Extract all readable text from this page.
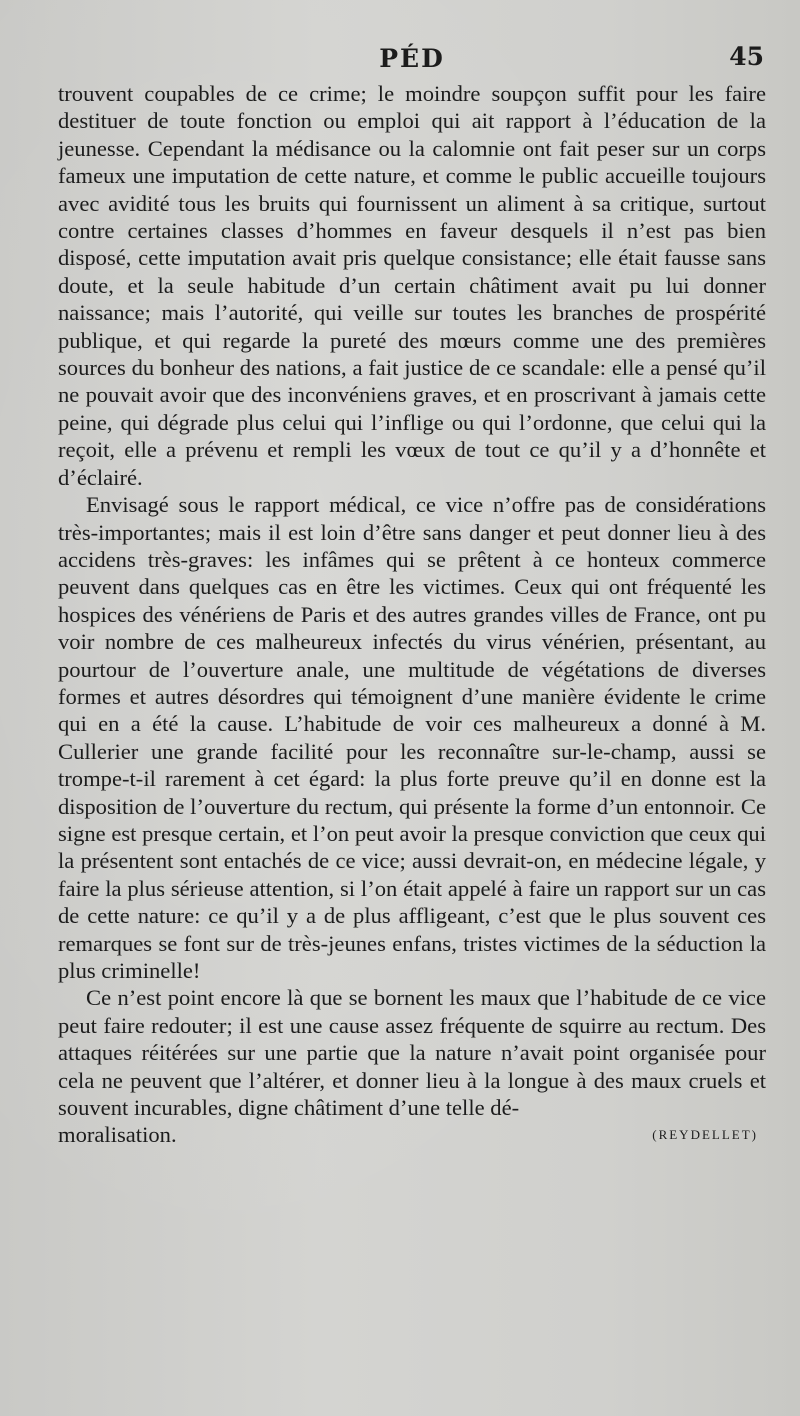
PÉD	45

trouvent coupables de ce crime; le moindre soupçon suffit pour les faire destituer de toute fonction ou emploi qui ait rapport à l’éducation de la jeunesse. Cependant la médisance ou la calomnie ont fait peser sur un corps fameux une imputation de cette nature, et comme le public accueille toujours avec avidité tous les bruits qui fournissent un aliment à sa critique, surtout contre certaines classes d’hommes en faveur desquels il n’est pas bien disposé, cette imputation avait pris quelque consistance; elle était fausse sans doute, et la seule habitude d’un certain châtiment avait pu lui donner naissance; mais l’autorité, qui veille sur toutes les branches de prospérité publique, et qui regarde la pureté des mœurs comme une des premières sources du bonheur des nations, a fait justice de ce scandale: elle a pensé qu’il ne pouvait avoir que des inconvéniens graves, et en proscrivant à jamais cette peine, qui dégrade plus celui qui l’inflige ou qui l’ordonne, que celui qui la reçoit, elle a prévenu et rempli les vœux de tout ce qu’il y a d’honnête et d’éclairé.

Envisagé sous le rapport médical, ce vice n’offre pas de considérations très-importantes; mais il est loin d’être sans danger et peut donner lieu à des accidens très-graves: les infâmes qui se prêtent à ce honteux commerce peuvent dans quelques cas en être les victimes. Ceux qui ont fréquenté les hospices des vénériens de Paris et des autres grandes villes de France, ont pu voir nombre de ces malheureux infectés du virus vénérien, présentant, au pourtour de l’ouverture anale, une multitude de végétations de diverses formes et autres désordres qui témoignent d’une manière évidente le crime qui en a été la cause. L’habitude de voir ces malheureux a donné à M. Cullerier une grande facilité pour les reconnaître sur-le-champ, aussi se trompe-t-il rarement à cet égard: la plus forte preuve qu’il en donne est la disposition de l’ouverture du rectum, qui présente la forme d’un entonnoir. Ce signe est presque certain, et l’on peut avoir la presque conviction que ceux qui la présentent sont entachés de ce vice; aussi devrait-on, en médecine légale, y faire la plus sérieuse attention, si l’on était appelé à faire un rapport sur un cas de cette nature: ce qu’il y a de plus affligeant, c’est que le plus souvent ces remarques se font sur de très-jeunes enfans, tristes victimes de la séduction la plus criminelle!

Ce n’est point encore là que se bornent les maux que l’habitude de ce vice peut faire redouter; il est une cause assez fréquente de squirre au rectum. Des attaques réitérées sur une partie que la nature n’avait point organisée pour cela ne peuvent que l’altérer, et donner lieu à la longue à des maux cruels et souvent incurables, digne châtiment d’une telle dé-

moralisation.	(REYDELLET)
